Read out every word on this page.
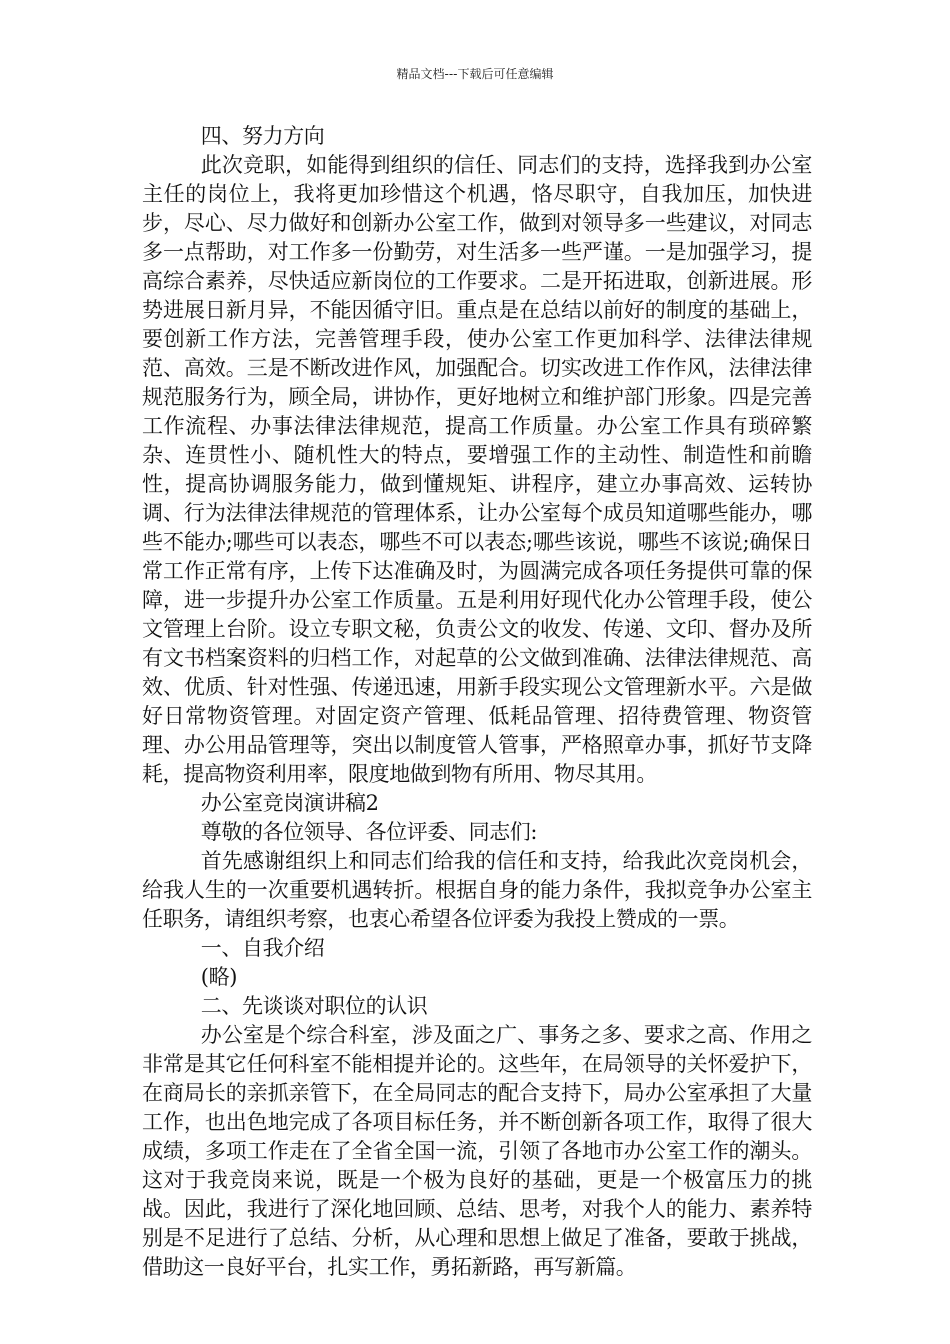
精品文档---下载后可任意编辑

四、努力方向

此次竞职，如能得到组织的信任、同志们的支持，选择我到办公室主任的岗位上，我将更加珍惜这个机遇，恪尽职守，自我加压，加快进步，尽心、尽力做好和创新办公室工作，做到对领导多一些建议，对同志多一点帮助，对工作多一份勤劳，对生活多一些严谨。一是加强学习，提高综合素养，尽快适应新岗位的工作要求。二是开拓进取，创新进展。形势进展日新月异，不能因循守旧。重点是在总结以前好的制度的基础上，要创新工作方法，完善管理手段，使办公室工作更加科学、法律法律规范、高效。三是不断改进作风，加强配合。切实改进工作作风，法律法律规范服务行为，顾全局，讲协作，更好地树立和维护部门形象。四是完善工作流程、办事法律法律规范，提高工作质量。办公室工作具有琐碎繁杂、连贯性小、随机性大的特点，要增强工作的主动性、制造性和前瞻性，提高协调服务能力，做到懂规矩、讲程序，建立办事高效、运转协调、行为法律法律规范的管理体系，让办公室每个成员知道哪些能办，哪些不能办;哪些可以表态，哪些不可以表态;哪些该说，哪些不该说;确保日常工作正常有序，上传下达准确及时，为圆满完成各项任务提供可靠的保障，进一步提升办公室工作质量。五是利用好现代化办公管理手段，使公文管理上台阶。设立专职文秘，负责公文的收发、传递、文印、督办及所有文书档案资料的归档工作，对起草的公文做到准确、法律法律规范、高效、优质、针对性强、传递迅速，用新手段实现公文管理新水平。六是做好日常物资管理。对固定资产管理、低耗品管理、招待费管理、物资管理、办公用品管理等，突出以制度管人管事，严格照章办事，抓好节支降耗，提高物资利用率，限度地做到物有所用、物尽其用。

办公室竞岗演讲稿2

尊敬的各位领导、各位评委、同志们:

首先感谢组织上和同志们给我的信任和支持，给我此次竞岗机会，给我人生的一次重要机遇转折。根据自身的能力条件，我拟竞争办公室主任职务，请组织考察，也衷心希望各位评委为我投上赞成的一票。

一、自我介绍

(略)

二、先谈谈对职位的认识

办公室是个综合科室，涉及面之广、事务之多、要求之高、作用之非常是其它任何科室不能相提并论的。这些年，在局领导的关怀爱护下，在商局长的亲抓亲管下，在全局同志的配合支持下，局办公室承担了大量工作，也出色地完成了各项目标任务，并不断创新各项工作，取得了很大成绩，多项工作走在了全省全国一流，引领了各地市办公室工作的潮头。这对于我竞岗来说，既是一个极为良好的基础，更是一个极富压力的挑战。因此，我进行了深化地回顾、总结、思考，对我个人的能力、素养特别是不足进行了总结、分析，从心理和思想上做足了准备，要敢于挑战，借助这一良好平台，扎实工作，勇拓新路，再写新篇。
